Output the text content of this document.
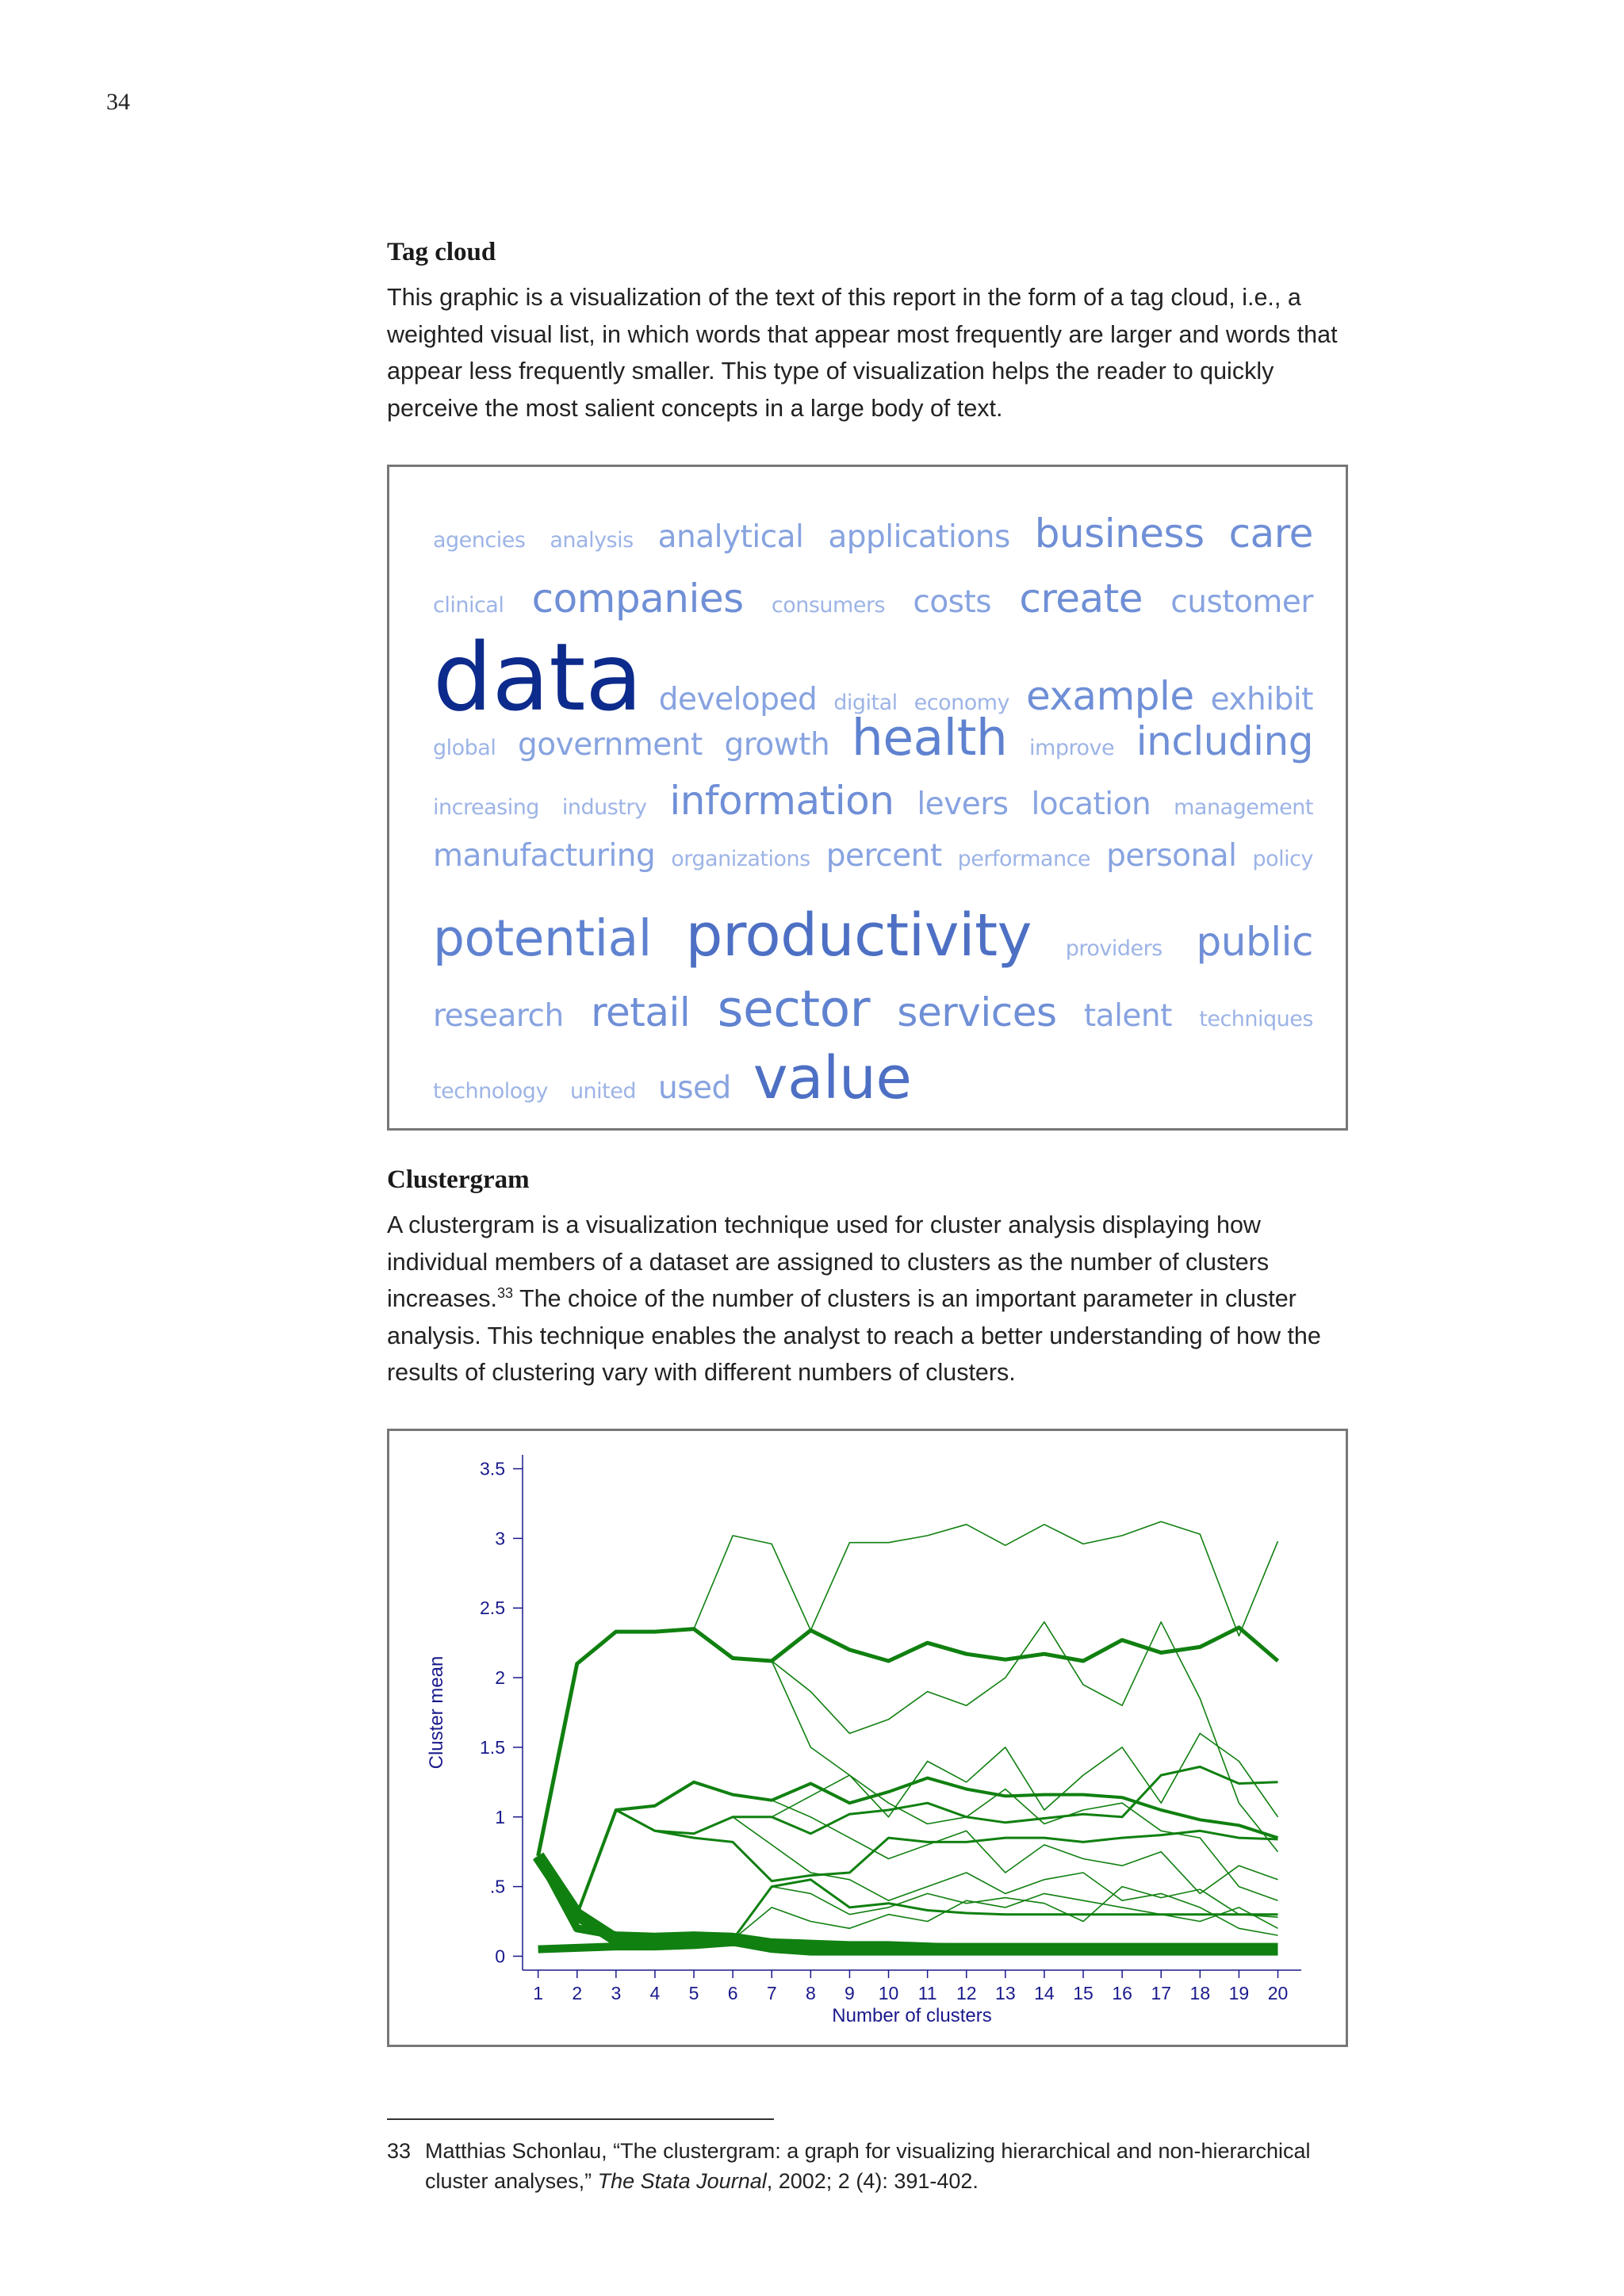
34
Tag cloud

This graphic is a visualization of the text of this report in the form of a tag cloud, i.e., a weighted visual list, in which words that appear most frequently are larger and words that appear less frequently smaller. This type of visualization helps the reader to quickly perceive the most salient concepts in a large body of text.

agencies analysis analytical applications business care
clinical companies consumers costs create customer
data developed digital economy example exhibit
global government growth health improve including
increasing industry information levers location management
manufacturing organizations percent performance personal policy
potential productivity providers public
research retail sector services talent techniques
technology united used value
Clustergram

A clustergram is a visualization technique used for cluster analysis displaying how individual members of a dataset are assigned to clusters as the number of clusters increases.$^{33}$ The choice of the number of clusters is an important parameter in cluster analysis. This technique enables the analyst to reach a better understanding of how the results of clustering vary with different numbers of clusters.

0
.5
1
1.5
2
2.5
3
3.5
1 2 3 4 5 6 7 8 9 10 11 12 13 14 15 16 17 18 19 20
Number of clusters
Cluster mean
33 Matthias Schonlau, “The clustergram: a graph for visualizing hierarchical and non-hierarchical cluster analyses,” The Stata Journal, 2002; 2 (4): 391-402.
